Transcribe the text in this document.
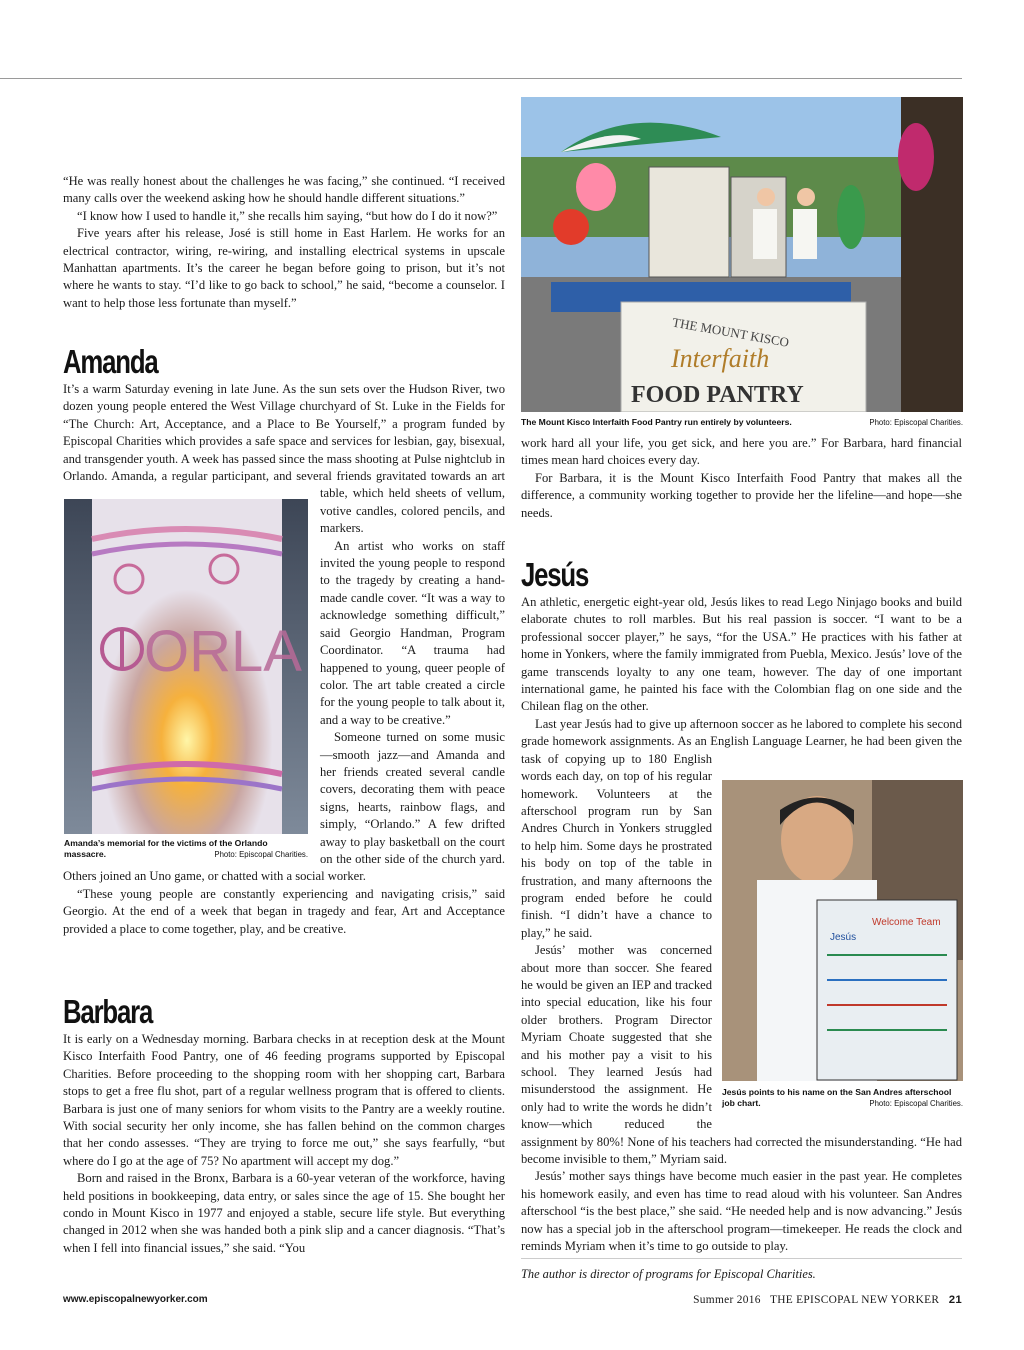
“He was really honest about the challenges he was facing,” she continued. “I received many calls over the weekend asking how he should handle different situations.”

“I know how I used to handle it,” she recalls him saying, “but how do I do it now?”

Five years after his release, José is still home in East Harlem. He works for an electrical contractor, wiring, re-wiring, and installing electrical systems in upscale Manhattan apartments. It’s the career he began before going to prison, but it’s not where he wants to stay. “I’d like to go back to school,” he said, “become a counselor. I want to help those less fortunate than myself.”

It’s a warm Saturday evening in late June. As the sun sets over the Hudson River, two dozen young people entered the West Village churchyard of St. Luke in the Fields for “The Church: Art, Acceptance, and a Place to Be Yourself,” a program funded by Episcopal Charities which provides a safe space and services for lesbian, gay, bisexual, and transgender youth. A week has passed since the mass shooting at Pulse nightclub in Orlando. Amanda, a regular participant, and several friends gravitated towards an art table, which held sheets of vellum, votive candles, colored pencils, and markers.

An artist who works on staff invited the young people to respond to the tragedy by creating a hand-made candle cover. “It was a way to acknowledge something difficult,” said Georgio Handman, Program Coordinator. “A trauma had happened to young, queer people of color. The art table created a circle for the young people to talk about it, and a way to be creative.”

Someone turned on some music—smooth jazz—and Amanda and her friends created several candle covers, decorating them with peace signs, hearts, rainbow flags, and simply, “Orlando.” A few drifted away to play basketball on the court on the other side of the church yard. Others joined an Uno game, or chatted with a social worker.

“These young people are constantly experiencing and navigating crisis,” said Georgio. At the end of a week that began in tragedy and fear, Art and Acceptance provided a place to come together, play, and be creative.

ORLA
Amanda’s memorial for the victims of the Orlando massacre.	Photo: Episcopal Charities.
Barbara

It is early on a Wednesday morning. Barbara checks in at reception desk at the Mount Kisco Interfaith Food Pantry, one of 46 feeding programs supported by Episcopal Charities. Before proceeding to the shopping room with her shopping cart, Barbara stops to get a free flu shot, part of a regular wellness program that is offered to clients. Barbara is just one of many seniors for whom visits to the Pantry are a weekly routine. With social security her only income, she has fallen behind on the common charges that her condo assesses. “They are trying to force me out,” she says fearfully, “but where do I go at the age of 75? No apartment will accept my dog.”

Born and raised in the Bronx, Barbara is a 60-year veteran of the workforce, having held positions in bookkeeping, data entry, or sales since the age of 15. She bought her condo in Mount Kisco in 1977 and enjoyed a stable, secure life style. But everything changed in 2012 when she was handed both a pink slip and a cancer diagnosis. “That’s when I fell into financial issues,” she said. “You

THE MOUNT KISCO
Interfaith
FOOD PANTRY
The Mount Kisco Interfaith Food Pantry run entirely by volunteers.	Photo: Episcopal Charities.

work hard all your life, you get sick, and here you are.” For Barbara, hard financial times mean hard choices every day.

For Barbara, it is the Mount Kisco Interfaith Food Pantry that makes all the difference, a community working together to provide her the lifeline—and hope—she needs.

Jesús

An athletic, energetic eight-year old, Jesús likes to read Lego Ninjago books and build elaborate chutes to roll marbles. But his real passion is soccer. “I want to be a professional soccer player,” he says, “for the USA.” He practices with his father at home in Yonkers, where the family immigrated from Puebla, Mexico. Jesús’ love of the game transcends loyalty to any one team, however. The day of one important international game, he painted his face with the Colombian flag on one side and the Chilean flag on the other.

Last year Jesús had to give up afternoon soccer as he labored to complete his second grade homework assignments. As an English Language Learner, he had been given the task of copying up to 180 English words each day, on top of his regular homework. Volunteers at the afterschool program run by San Andres Church in Yonkers struggled to help him. Some days he prostrated his body on top of the table in frustration, and many afternoons the program ended before he could finish. “I didn’t have a chance to play,” he said.

Jesús’ mother was concerned about more than soccer. She feared he would be given an IEP and tracked into special education, like his four older brothers. Program Director Myriam Choate suggested that she and his mother pay a visit to his school. They learned Jesús had misunderstood the assignment. He only had to write the words he didn’t know—which reduced the assignment by 80%! None of his teachers had corrected the misunderstanding. “He had become invisible to them,” Myriam said.

Jesús’ mother says things have become much easier in the past year. He completes his homework easily, and even has time to read aloud with his volunteer. San Andres afterschool “is the best place,” she said. “He needed help and is now advancing.” Jesús now has a special job in the afterschool program—timekeeper. He reads the clock and reminds Myriam when it’s time to go outside to play.

Welcome Team
Jesús
Jesús points to his name on the San Andres afterschool job chart.	Photo: Episcopal Charities.
The author is director of programs for Episcopal Charities.
www.episcopalnewyorker.com	Summer 2016 THE EPISCOPAL NEW YORKER 21
Amanda
